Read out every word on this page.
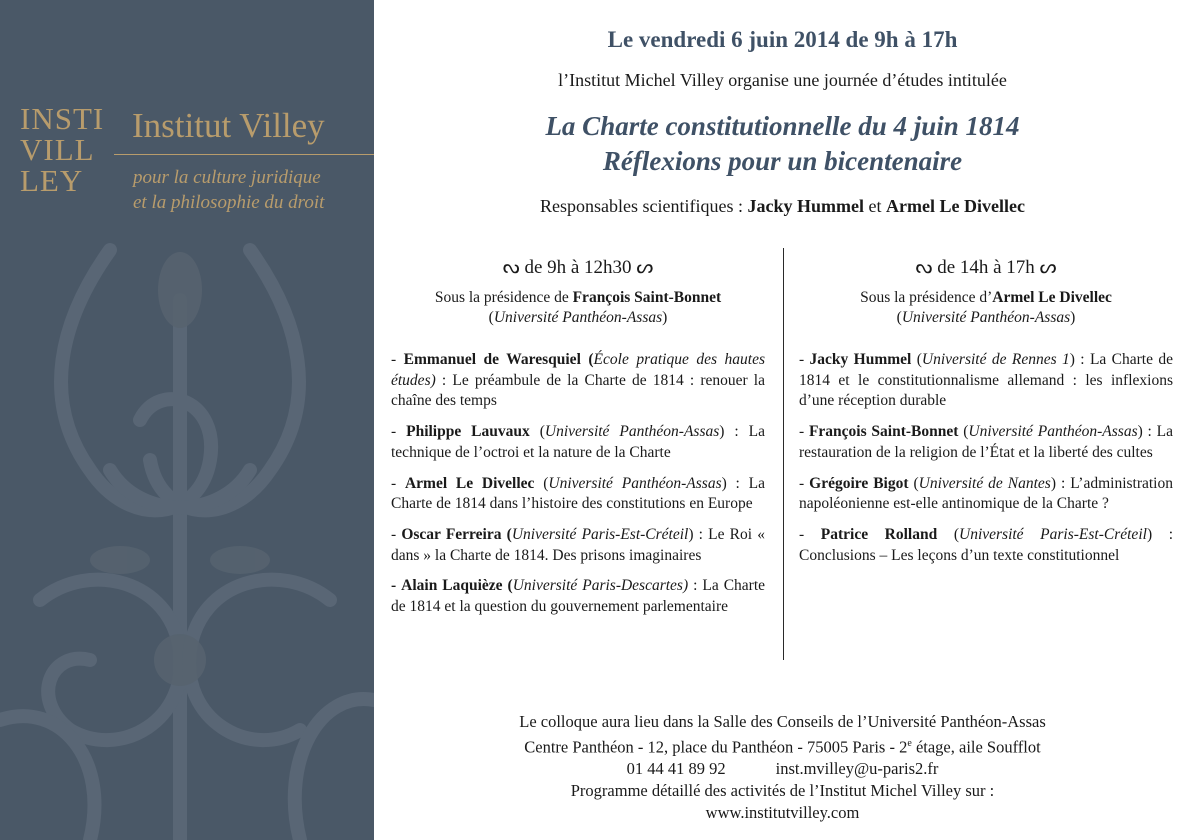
INSTI
VILL
LEY
Institut Villey
pour la culture juridique
et la philosophie du droit
Le vendredi 6 juin 2014 de 9h à 17h
l’Institut Michel Villey organise une journée d’études intitulée
La Charte constitutionnelle du 4 juin 1814
Réflexions pour un bicentenaire
Responsables scientifiques : Jacky Hummel et Armel Le Divellec
ᔓ de 9h à 12h30 ᔕ
Sous la présidence de François Saint-Bonnet
(Université Panthéon-Assas)
- Emmanuel de Waresquiel (École pratique des hautes études) : Le préambule de la Charte de 1814 : renouer la chaîne des temps
- Philippe Lauvaux (Université Panthéon-Assas) : La technique de l’octroi et la nature de la Charte
- Armel Le Divellec (Université Panthéon-Assas) : La Charte de 1814 dans l’histoire des constitutions en Europe
- Oscar Ferreira (Université Paris-Est-Créteil) : Le Roi « dans » la Charte de 1814. Des prisons imaginaires
- Alain Laquièze (Université Paris-Descartes) : La Charte de 1814 et la question du gouvernement parlementaire
ᔓ de 14h à 17h ᔕ
Sous la présidence d’Armel Le Divellec
(Université Panthéon-Assas)
- Jacky Hummel (Université de Rennes 1) : La Charte de 1814 et le constitutionnalisme allemand : les inflexions d’une réception durable
- François Saint-Bonnet (Université Panthéon-Assas) : La restauration de la religion de l’État et la liberté des cultes
- Grégoire Bigot (Université de Nantes) : L’administration napoléonienne est-elle antinomique de la Charte ?
- Patrice Rolland (Université Paris-Est-Créteil) : Conclusions – Les leçons d’un texte constitutionnel
Le colloque aura lieu dans la Salle des Conseils de l’Université Panthéon-Assas
Centre Panthéon - 12, place du Panthéon - 75005 Paris - 2e étage, aile Soufflot
01 44 41 89 92	inst.mvilley@u-paris2.fr
Programme détaillé des activités de l’Institut Michel Villey sur :
www.institutvilley.com
